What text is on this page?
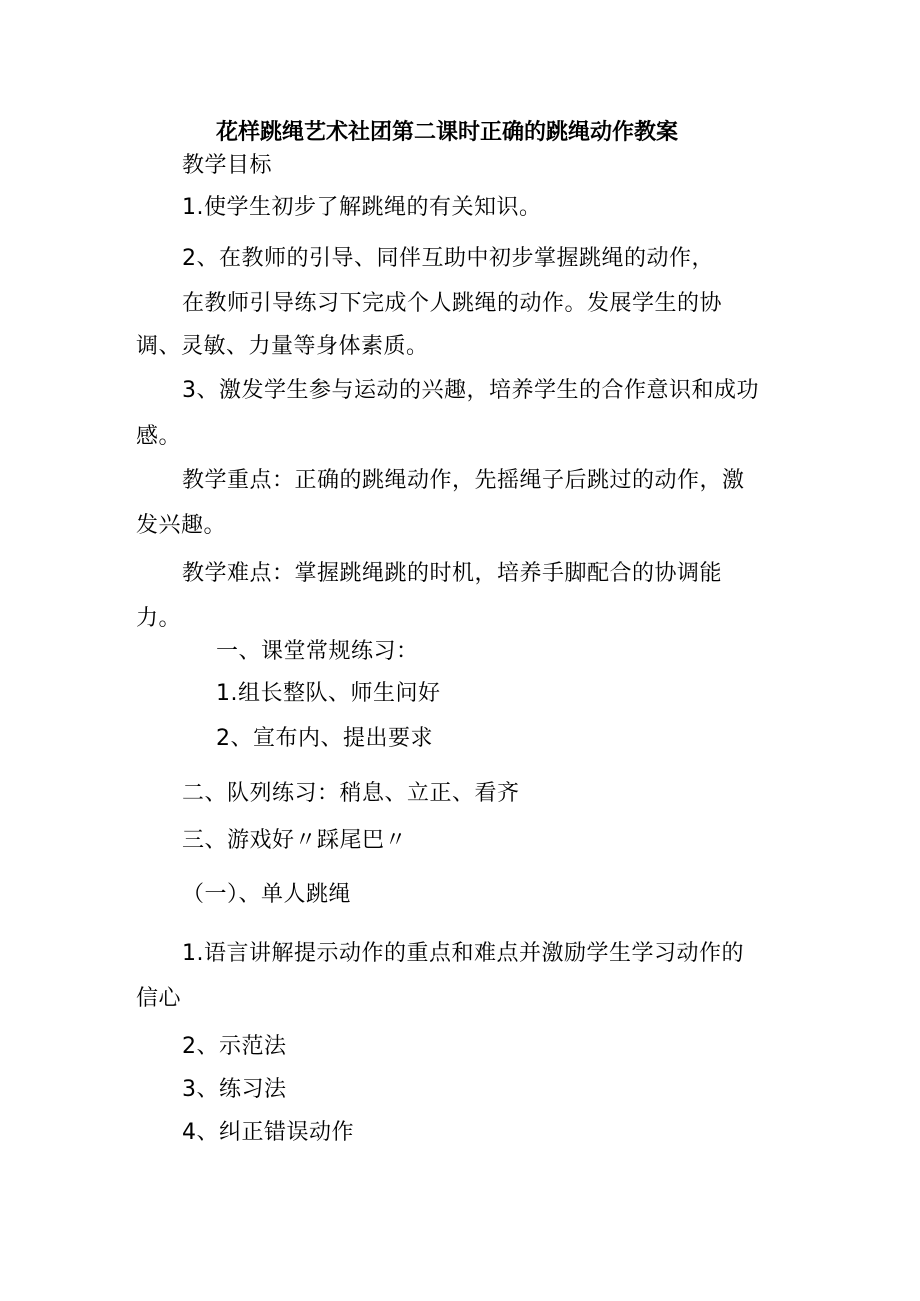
花样跳绳艺术社团第二课时正确的跳绳动作教案
教学目标
1.使学生初步了解跳绳的有关知识。
2、在教师的引导、同伴互助中初步掌握跳绳的动作，
在教师引导练习下完成个人跳绳的动作。发展学生的协
调、灵敏、力量等身体素质。
3、激发学生参与运动的兴趣，培养学生的合作意识和成功
感。
教学重点：正确的跳绳动作，先摇绳子后跳过的动作，激
发兴趣。
教学难点：掌握跳绳跳的时机，培养手脚配合的协调能
力。
一、课堂常规练习：
1.组长整队、师生问好
2、宣布内、提出要求
二、队列练习：稍息、立正、看齐
三、游戏好〃踩尾巴〃
（一）、单人跳绳
1.语言讲解提示动作的重点和难点并激励学生学习动作的
信心
2、示范法
3、练习法
4、纠正错误动作
